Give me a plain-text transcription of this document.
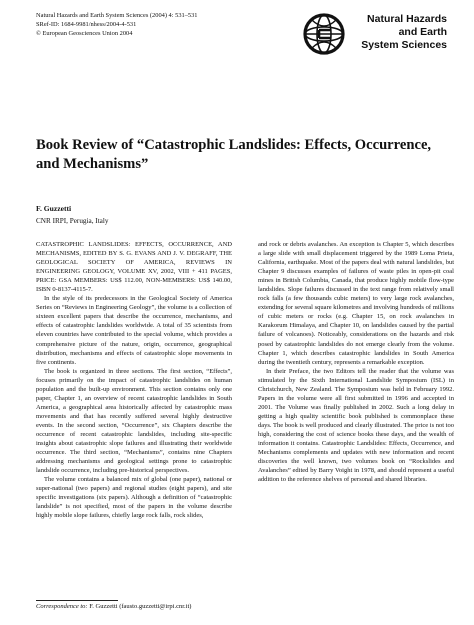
Natural Hazards and Earth System Sciences (2004) 4: 531–531
SRef-ID: 1684-9981/nhess/2004-4-531
© European Geosciences Union 2004
Natural Hazards
and Earth
System Sciences
Book Review of “Catastrophic Landslides: Effects, Occurrence, and Mechanisms”
F. Guzzetti
CNR IRPI, Perugia, Italy

CATASTROPHIC LANDSLIDES: EFFECTS, OCCURRENCE, AND MECHANISMS, EDITED BY S. G. EVANS AND J. V. DEGRAFF, THE GEOLOGICAL SOCIETY OF AMERICA, REVIEWS IN ENGINEERING GEOLOGY, VOLUME XV, 2002, VIII + 411 PAGES, PRICE: GSA MEMBERS: US$ 112.00, NON-MEMBERS: US$ 140.00, ISBN 0-8137-4115-7.

In the style of its predecessors in the Geological Society of America Series on “Reviews in Engineering Geology”, the volume is a collection of sixteen excellent papers that describe the occurrence, mechanisms, and effects of catastrophic landslides worldwide. A total of 35 scientists from eleven countries have contributed to the special volume, which provides a comprehensive picture of the nature, origin, occurrence, geographical distribution, mechanisms and effects of catastrophic slope movements in five continents.

The book is organized in three sections. The first section, “Effects”, focuses primarily on the impact of catastrophic landslides on human population and the built-up environment. This section contains only one paper, Chapter 1, an overview of recent catastrophic landslides in South America, a geographical area historically affected by catastrophic mass movements and that has recently suffered several highly destructive events. In the second section, “Occurrence”, six Chapters describe the occurrence of recent catastrophic landslides, including site-specific insights about catastrophic slope failures and illustrating their worldwide occurrence. The third section, “Mechanisms”, contains nine Chapters addressing mechanisms and geological settings prone to catastrophic landslide occurrence, including pre-historical perspectives.

The volume contains a balanced mix of global (one paper), national or super-national (two papers) and regional studies (eight papers), and site specific investigations (six papers). Although a definition of “catastrophic landslide” is not specified, most of the papers in the volume describe highly mobile slope failures, chiefly large rock falls, rock slides,

and rock or debris avalanches. An exception is Chapter 5, which describes a large slide with small displacement triggered by the 1989 Loma Prieta, California, earthquake. Most of the papers deal with natural landslides, but Chapter 9 discusses examples of failures of waste piles in open-pit coal mines in British Columbia, Canada, that produce highly mobile flow-type landslides. Slope failures discussed in the text range from relatively small rock falls (a few thousands cubic meters) to very large rock avalanches, extending for several square kilometres and involving hundreds of millions of cubic meters or rocks (e.g. Chapter 15, on rock avalanches in Karakorum Himalaya, and Chapter 10, on landslides caused by the partial failure of volcanoes). Noticeably, considerations on the hazards and risk posed by catastrophic landslides do not emerge clearly from the volume. Chapter 1, which describes catastrophic landslides in South America during the twentieth century, represents a remarkable exception.

In their Preface, the two Editors tell the reader that the volume was stimulated by the Sixth International Landslide Symposium (ISL) in Christchurch, New Zealand. The Symposium was held in February 1992. Papers in the volume were all first submitted in 1996 and accepted in 2001. The Volume was finally published in 2002. Such a long delay in getting a high quality scientific book published is commonplace these days. The book is well produced and clearly illustrated. The price is not too high, considering the cost of science books these days, and the wealth of information it contains. Catastrophic Landslides: Effects, Occurrence, and Mechanisms complements and updates with new information and recent discoveries the well known, two volumes book on “Rockslides and Avalanches” edited by Barry Voight in 1978, and should represent a useful addition to the reference shelves of personal and shared libraries.

Correspondence to: F. Guzzetti (fausto.guzzetti@irpi.cnr.it)
